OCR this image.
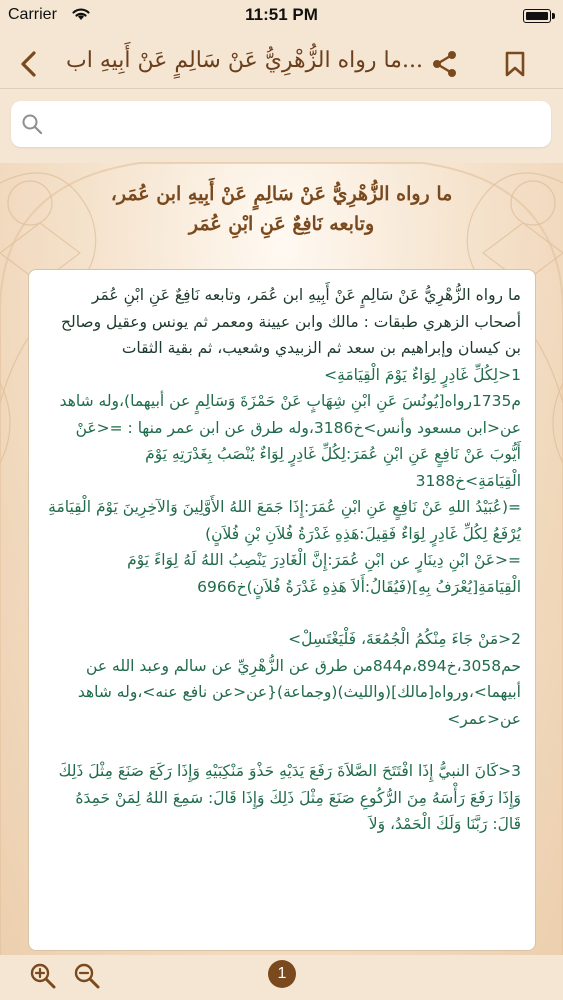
Carrier	11:51 PM
ما رواه الزُّهْرِيُّ عَنْ سَالِمٍ عَنْ أَبِيهِ اب...
ما رواه الزُّهْرِيُّ عَنْ سَالِمٍ عَنْ أَبِيهِ ابن عُمَر،
وتابعه نَافِعٌ عَنِ ابْنِ عُمَر

ما رواه الزُّهْرِيُّ عَنْ سَالِمٍ عَنْ أَبِيهِ ابن عُمَر، وتابعه نَافِعٌ عَنِ ابْنِ عُمَر

أصحاب الزهري طبقات : مالك وابن عيينة ومعمر ثم يونس وعقيل وصالح بن كيسان وإبراهيم بن سعد ثم الزبيدي وشعيب، ثم بقية الثقات

1<لِكُلِّ غَادِرٍ لِوَاءٌ يَوْمَ الْقِيَامَةِ>

م1735رواه[يُونُسَ عَنِ ابْنِ شِهَابٍ عَنْ حَمْزَةَ وَسَالِمٍ عن أبيهما)،وله شاهد عن<ابن مسعود وأنس>خ3186،وله طرق عن ابن عمر منها : =<عَنْ أَيُّوبَ عَنْ نَافِعٍ عَنِ ابْنِ عُمَرَ:لِكُلِّ غَادِرٍ لِوَاءٌ يُنْصَبُ بِغَدْرَتِهِ يَوْمَ الْقِيَامَةِ>خ3188

=(عُبَيْدُ اللهِ عَنْ نَافِعٍ عَنِ ابْنِ عُمَرَ:إِذَا جَمَعَ اللهُ الأَوَّلِينَ وَالآخِرِينَ يَوْمَ الْقِيَامَةِ يُرْفَعُ لِكُلِّ غَادِرٍ لِوَاءٌ فَقِيلَ:هَذِهِ غَدْرَةُ فُلاَنِ بْنِ فُلاَنٍ)

=<عَنْ ابْنِ دِينَارٍ عن ابْنِ عُمَرَ:إِنَّ الْغَادِرَ يَنْصِبُ اللهُ لَهُ لِوَاءً يَوْمَ الْقِيَامَةِ[يُعْرَفُ بِهِ](فَيُقَالُ:أَلاَ هَذِهِ غَدْرَةُ فُلاَنٍ)خ6966

2<مَنْ جَاءَ مِنْكُمُ الْجُمُعَةَ، فَلْيَغْتَسِلْ>

حم3058،خ894،م844من طرق عن الزُّهْرِيِّ عن سالم وعبد الله عن أبيهما>،ورواه[مالك](والليث)(وجماعة){عن<عن نافع عنه>،وله شاهد عن<عمر>

3<كَانَ النبيُّ إِذَا افْتَتَحَ الصَّلاَةَ رَفَعَ يَدَيْهِ حَذْوَ مَنْكِبَيْهِ وَإِذَا رَكَعَ صَنَعَ مِثْلَ ذَلِكَ وَإِذَا رَفَعَ رَأْسَهُ مِنَ الرُّكُوعِ صَنَعَ مِثْلَ ذَلِكَ وَإِذَا قَالَ: سَمِعَ اللهُ لِمَنْ حَمِدَهُ قَالَ: رَبَّنَا وَلَكَ الْحَمْدُ، وَلاَ

1
